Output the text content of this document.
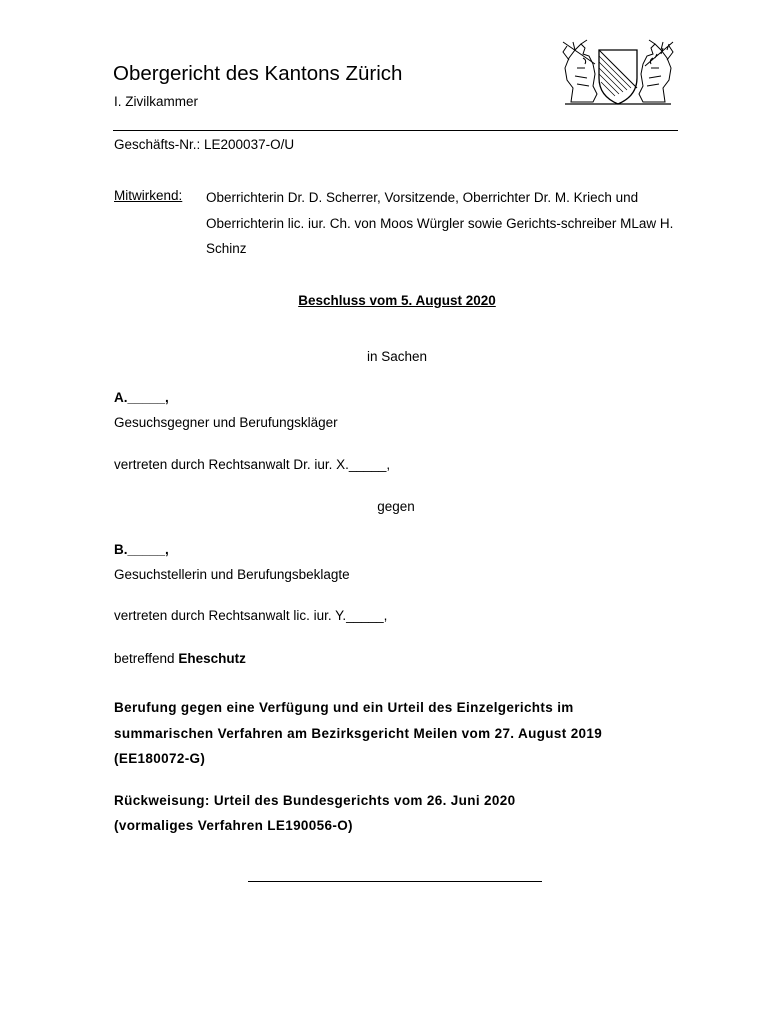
Obergericht des Kantons Zürich
I. Zivilkammer
Geschäfts-Nr.: LE200037-O/U
Mitwirkend: Oberrichterin Dr. D. Scherrer, Vorsitzende, Oberrichter Dr. M. Kriech und Oberrichterin lic. iur. Ch. von Moos Würgler sowie Gerichts-schreiber MLaw H. Schinz
Beschluss vom 5. August 2020
in Sachen
A._____,
Gesuchsgegner und Berufungskläger
vertreten durch Rechtsanwalt Dr. iur. X._____,
gegen
B._____,
Gesuchstellerin und Berufungsbeklagte
vertreten durch Rechtsanwalt lic. iur. Y._____,
betreffend Eheschutz
Berufung gegen eine Verfügung und ein Urteil des Einzelgerichts im
summarischen Verfahren am Bezirksgericht Meilen vom 27. August 2019
(EE180072-G)
Rückweisung: Urteil des Bundesgerichts vom 26. Juni 2020
(vormaliges Verfahren LE190056-O)
